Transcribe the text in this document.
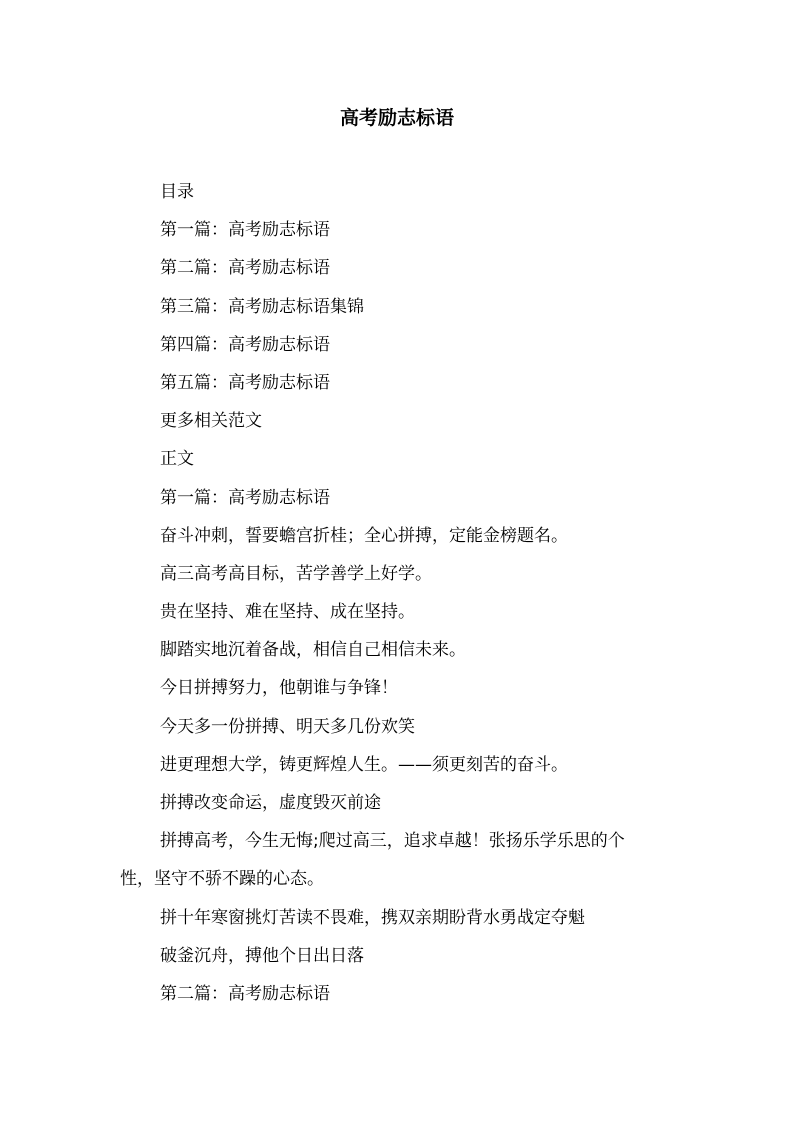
高考励志标语

目录

第一篇：高考励志标语

第二篇：高考励志标语

第三篇：高考励志标语集锦

第四篇：高考励志标语

第五篇：高考励志标语

更多相关范文

正文

第一篇：高考励志标语

奋斗冲刺，誓要蟾宫折桂；全心拼搏，定能金榜题名。

高三高考高目标，苦学善学上好学。

贵在坚持、难在坚持、成在坚持。

脚踏实地沉着备战，相信自己相信未来。

今日拼搏努力，他朝谁与争锋！

今天多一份拼搏、明天多几份欢笑

进更理想大学，铸更辉煌人生。——须更刻苦的奋斗。

拼搏改变命运，虚度毁灭前途

拼搏高考，今生无悔;爬过高三，追求卓越！张扬乐学乐思的个
性，坚守不骄不躁的心态。

拼十年寒窗挑灯苦读不畏难，携双亲期盼背水勇战定夺魁

破釜沉舟，搏他个日出日落

第二篇：高考励志标语
